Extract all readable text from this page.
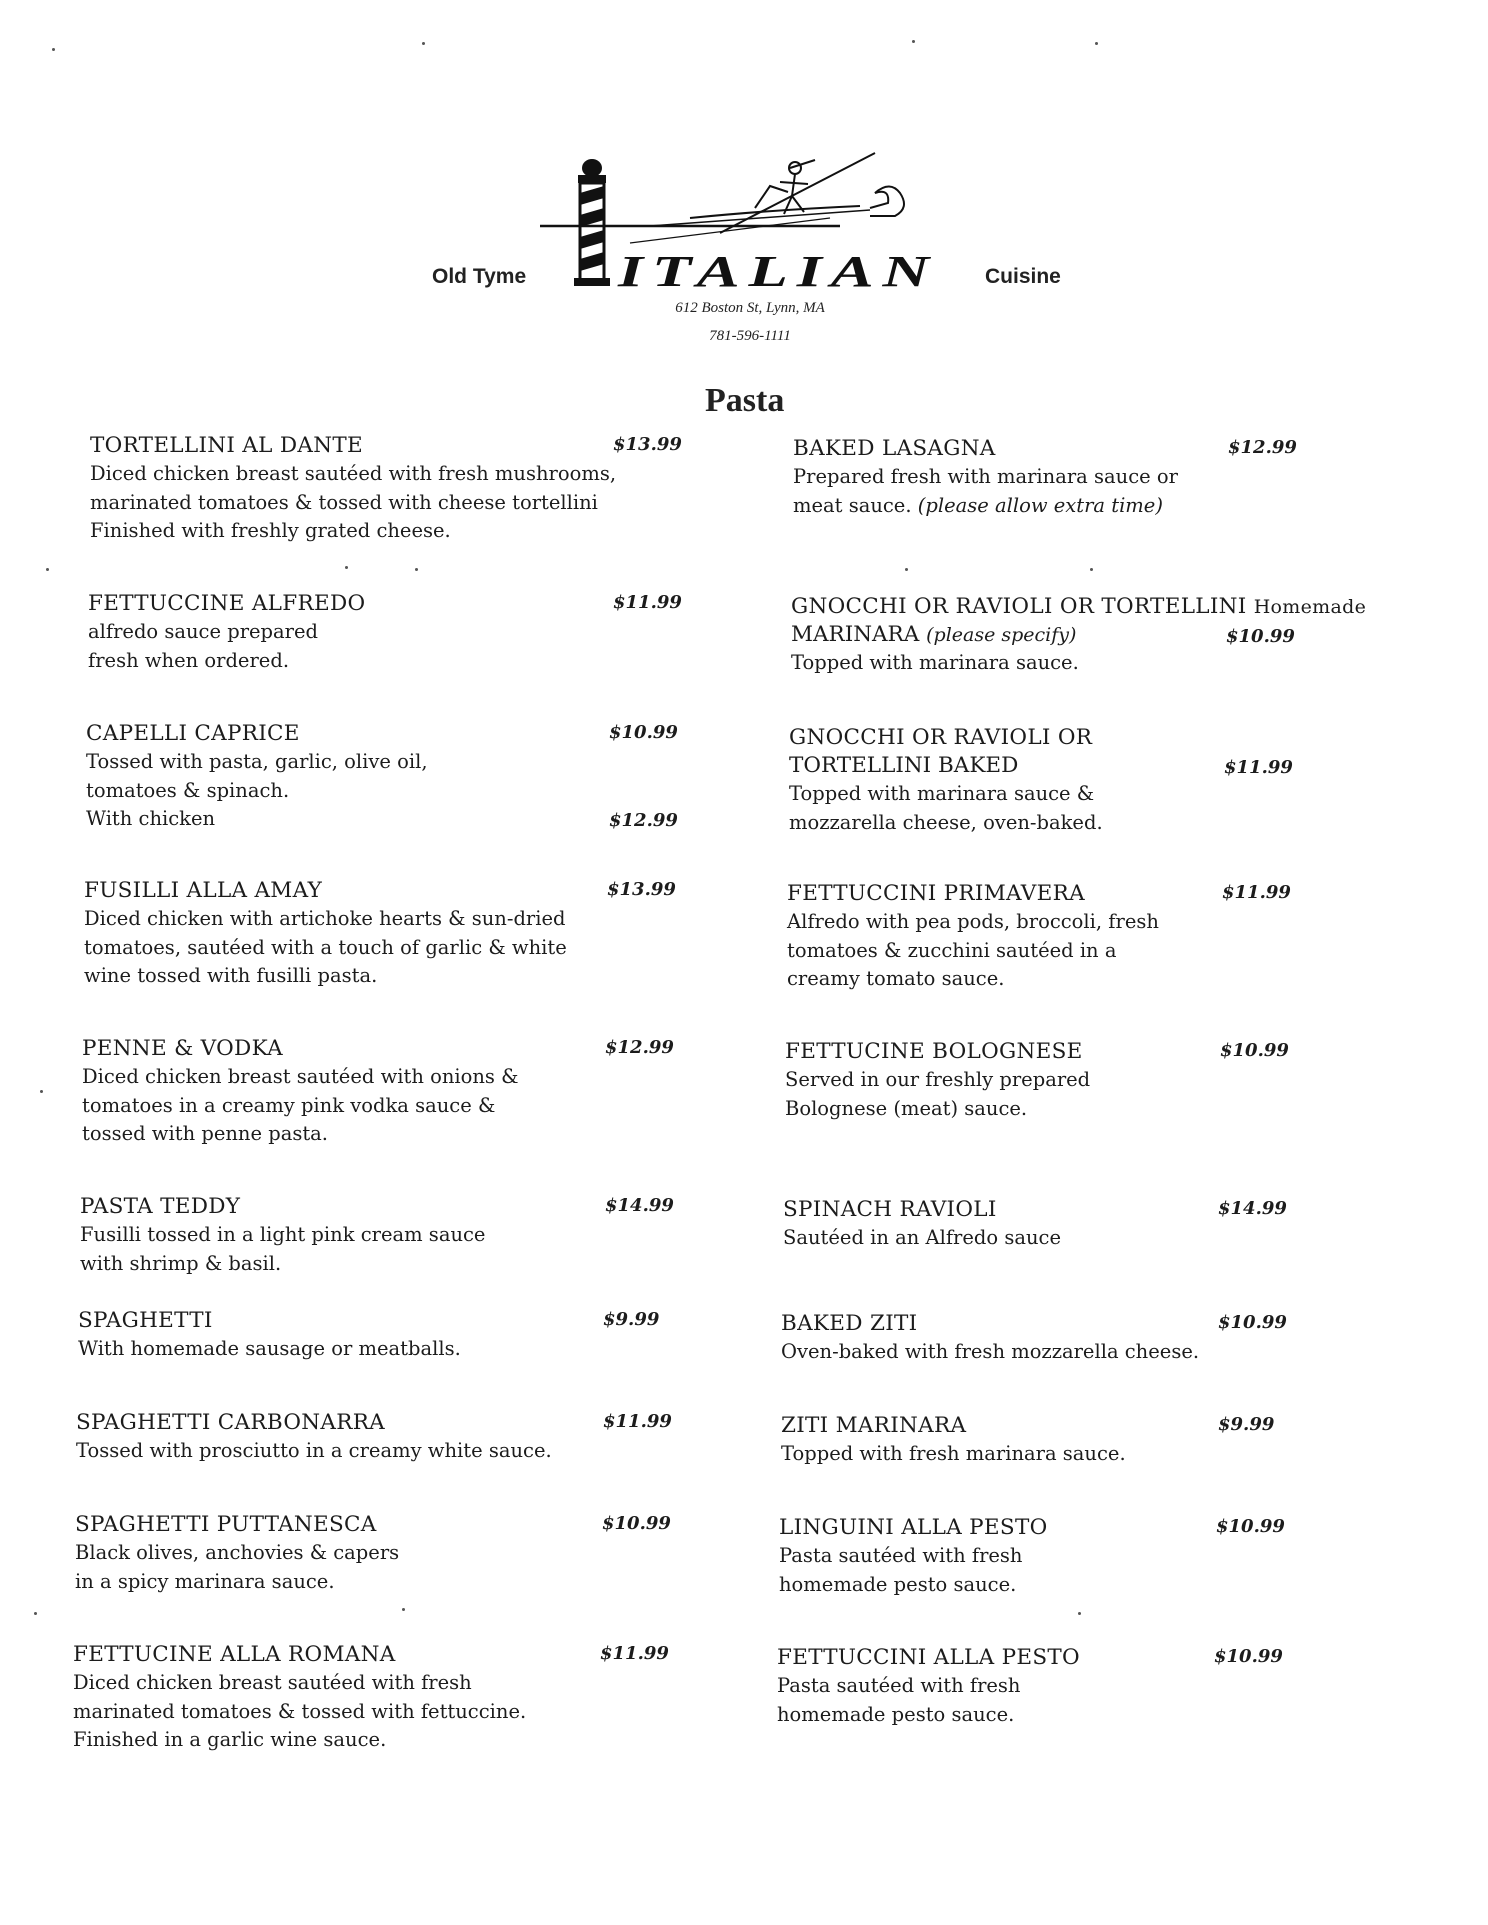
Old Tyme	Cuisine
ITALIAN
612 Boston St, Lynn, MA
781-596-1111
Pasta
TORTELLINI AL DANTE	$13.99
Diced chicken breast sautéed with fresh mushrooms,
marinated tomatoes & tossed with cheese tortellini
Finished with freshly grated cheese.
FETTUCCINE ALFREDO	$11.99
alfredo sauce prepared
fresh when ordered.
CAPELLI CAPRICE	$10.99
Tossed with pasta, garlic, olive oil,
tomatoes & spinach.
With chicken	$12.99
FUSILLI ALLA AMAY	$13.99
Diced chicken with artichoke hearts & sun-dried
tomatoes, sautéed with a touch of garlic & white
wine tossed with fusilli pasta.
PENNE & VODKA	$12.99
Diced chicken breast sautéed with onions &
tomatoes in a creamy pink vodka sauce &
tossed with penne pasta.
PASTA TEDDY	$14.99
Fusilli tossed in a light pink cream sauce
with shrimp & basil.
SPAGHETTI	$9.99
With homemade sausage or meatballs.
SPAGHETTI CARBONARRA	$11.99
Tossed with prosciutto in a creamy white sauce.
SPAGHETTI PUTTANESCA	$10.99
Black olives, anchovies & capers
in a spicy marinara sauce.
FETTUCINE ALLA ROMANA	$11.99
Diced chicken breast sautéed with fresh
marinated tomatoes & tossed with fettuccine.
Finished in a garlic wine sauce.
BAKED LASAGNA	$12.99
Prepared fresh with marinara sauce or
meat sauce. (please allow extra time)
GNOCCHI OR RAVIOLI OR TORTELLINI Homemade
MARINARA (please specify)	$10.99
Topped with marinara sauce.
GNOCCHI OR RAVIOLI OR
TORTELLINI BAKED	$11.99
Topped with marinara sauce &
mozzarella cheese, oven-baked.
FETTUCCINI PRIMAVERA	$11.99
Alfredo with pea pods, broccoli, fresh
tomatoes & zucchini sautéed in a
creamy tomato sauce.
FETTUCINE BOLOGNESE	$10.99
Served in our freshly prepared
Bolognese (meat) sauce.
SPINACH RAVIOLI	$14.99
Sautéed in an Alfredo sauce
BAKED ZITI	$10.99
Oven-baked with fresh mozzarella cheese.
ZITI MARINARA	$9.99
Topped with fresh marinara sauce.
LINGUINI ALLA PESTO	$10.99
Pasta sautéed with fresh
homemade pesto sauce.
FETTUCCINI ALLA PESTO	$10.99
Pasta sautéed with fresh
homemade pesto sauce.
